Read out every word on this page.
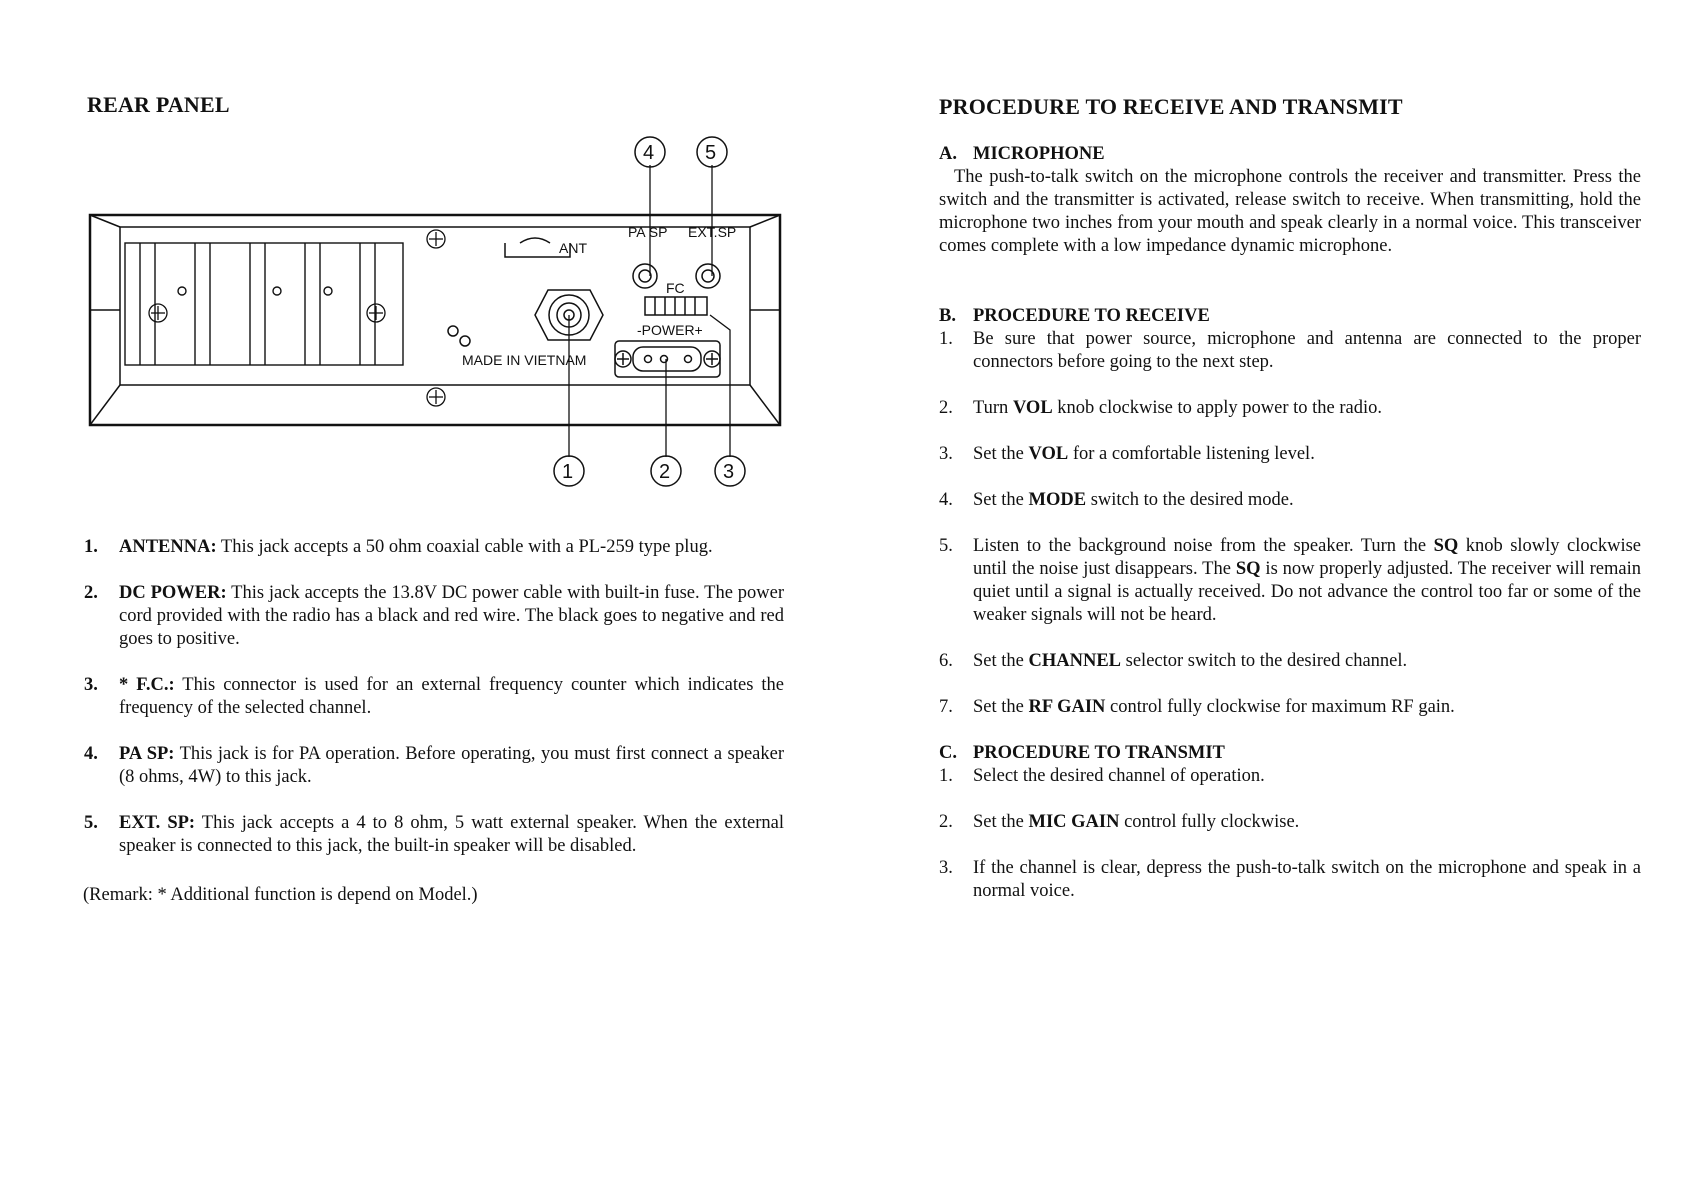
REAR PANEL
ANT
PA SP EXT.SP
FC
-POWER+
MADE IN VIETNAM
4	5
1	2	3
1. ANTENNA: This jack accepts a 50 ohm coaxial cable with a PL-259 type plug.
2. DC POWER: This jack accepts the 13.8V DC power cable with built-in fuse. The power cord provided with the radio has a black and red wire. The black goes to negative and red goes to positive.
3. * F.C.: This connector is used for an external frequency counter which indicates the frequency of the selected channel.
4. PA SP: This jack is for PA operation. Before operating, you must first connect a speaker (8 ohms, 4W) to this jack.
5. EXT. SP: This jack accepts a 4 to 8 ohm, 5 watt external speaker. When the external speaker is connected to this jack, the built-in speaker will be disabled.
(Remark: * Additional function is depend on Model.)
PROCEDURE TO RECEIVE AND TRANSMIT
A. MICROPHONE

The push-to-talk switch on the microphone controls the receiver and transmitter. Press the switch and the transmitter is activated, release switch to receive. When transmitting, hold the microphone two inches from your mouth and speak clearly in a normal voice. This transceiver comes complete with a low impedance dynamic microphone.

B. PROCEDURE TO RECEIVE
1. Be sure that power source, microphone and antenna are connected to the proper connectors before going to the next step.
2. Turn VOL knob clockwise to apply power to the radio.
3. Set the VOL for a comfortable listening level.
4. Set the MODE switch to the desired mode.
5. Listen to the background noise from the speaker. Turn the SQ knob slowly clockwise until the noise just disappears. The SQ is now properly adjusted. The receiver will remain quiet until a signal is actually received. Do not advance the control too far or some of the weaker signals will not be heard.
6. Set the CHANNEL selector switch to the desired channel.
7. Set the RF GAIN control fully clockwise for maximum RF gain.
C. PROCEDURE TO TRANSMIT
1. Select the desired channel of operation.
2. Set the MIC GAIN control fully clockwise.
3. If the channel is clear, depress the push-to-talk switch on the microphone and speak in a normal voice.
